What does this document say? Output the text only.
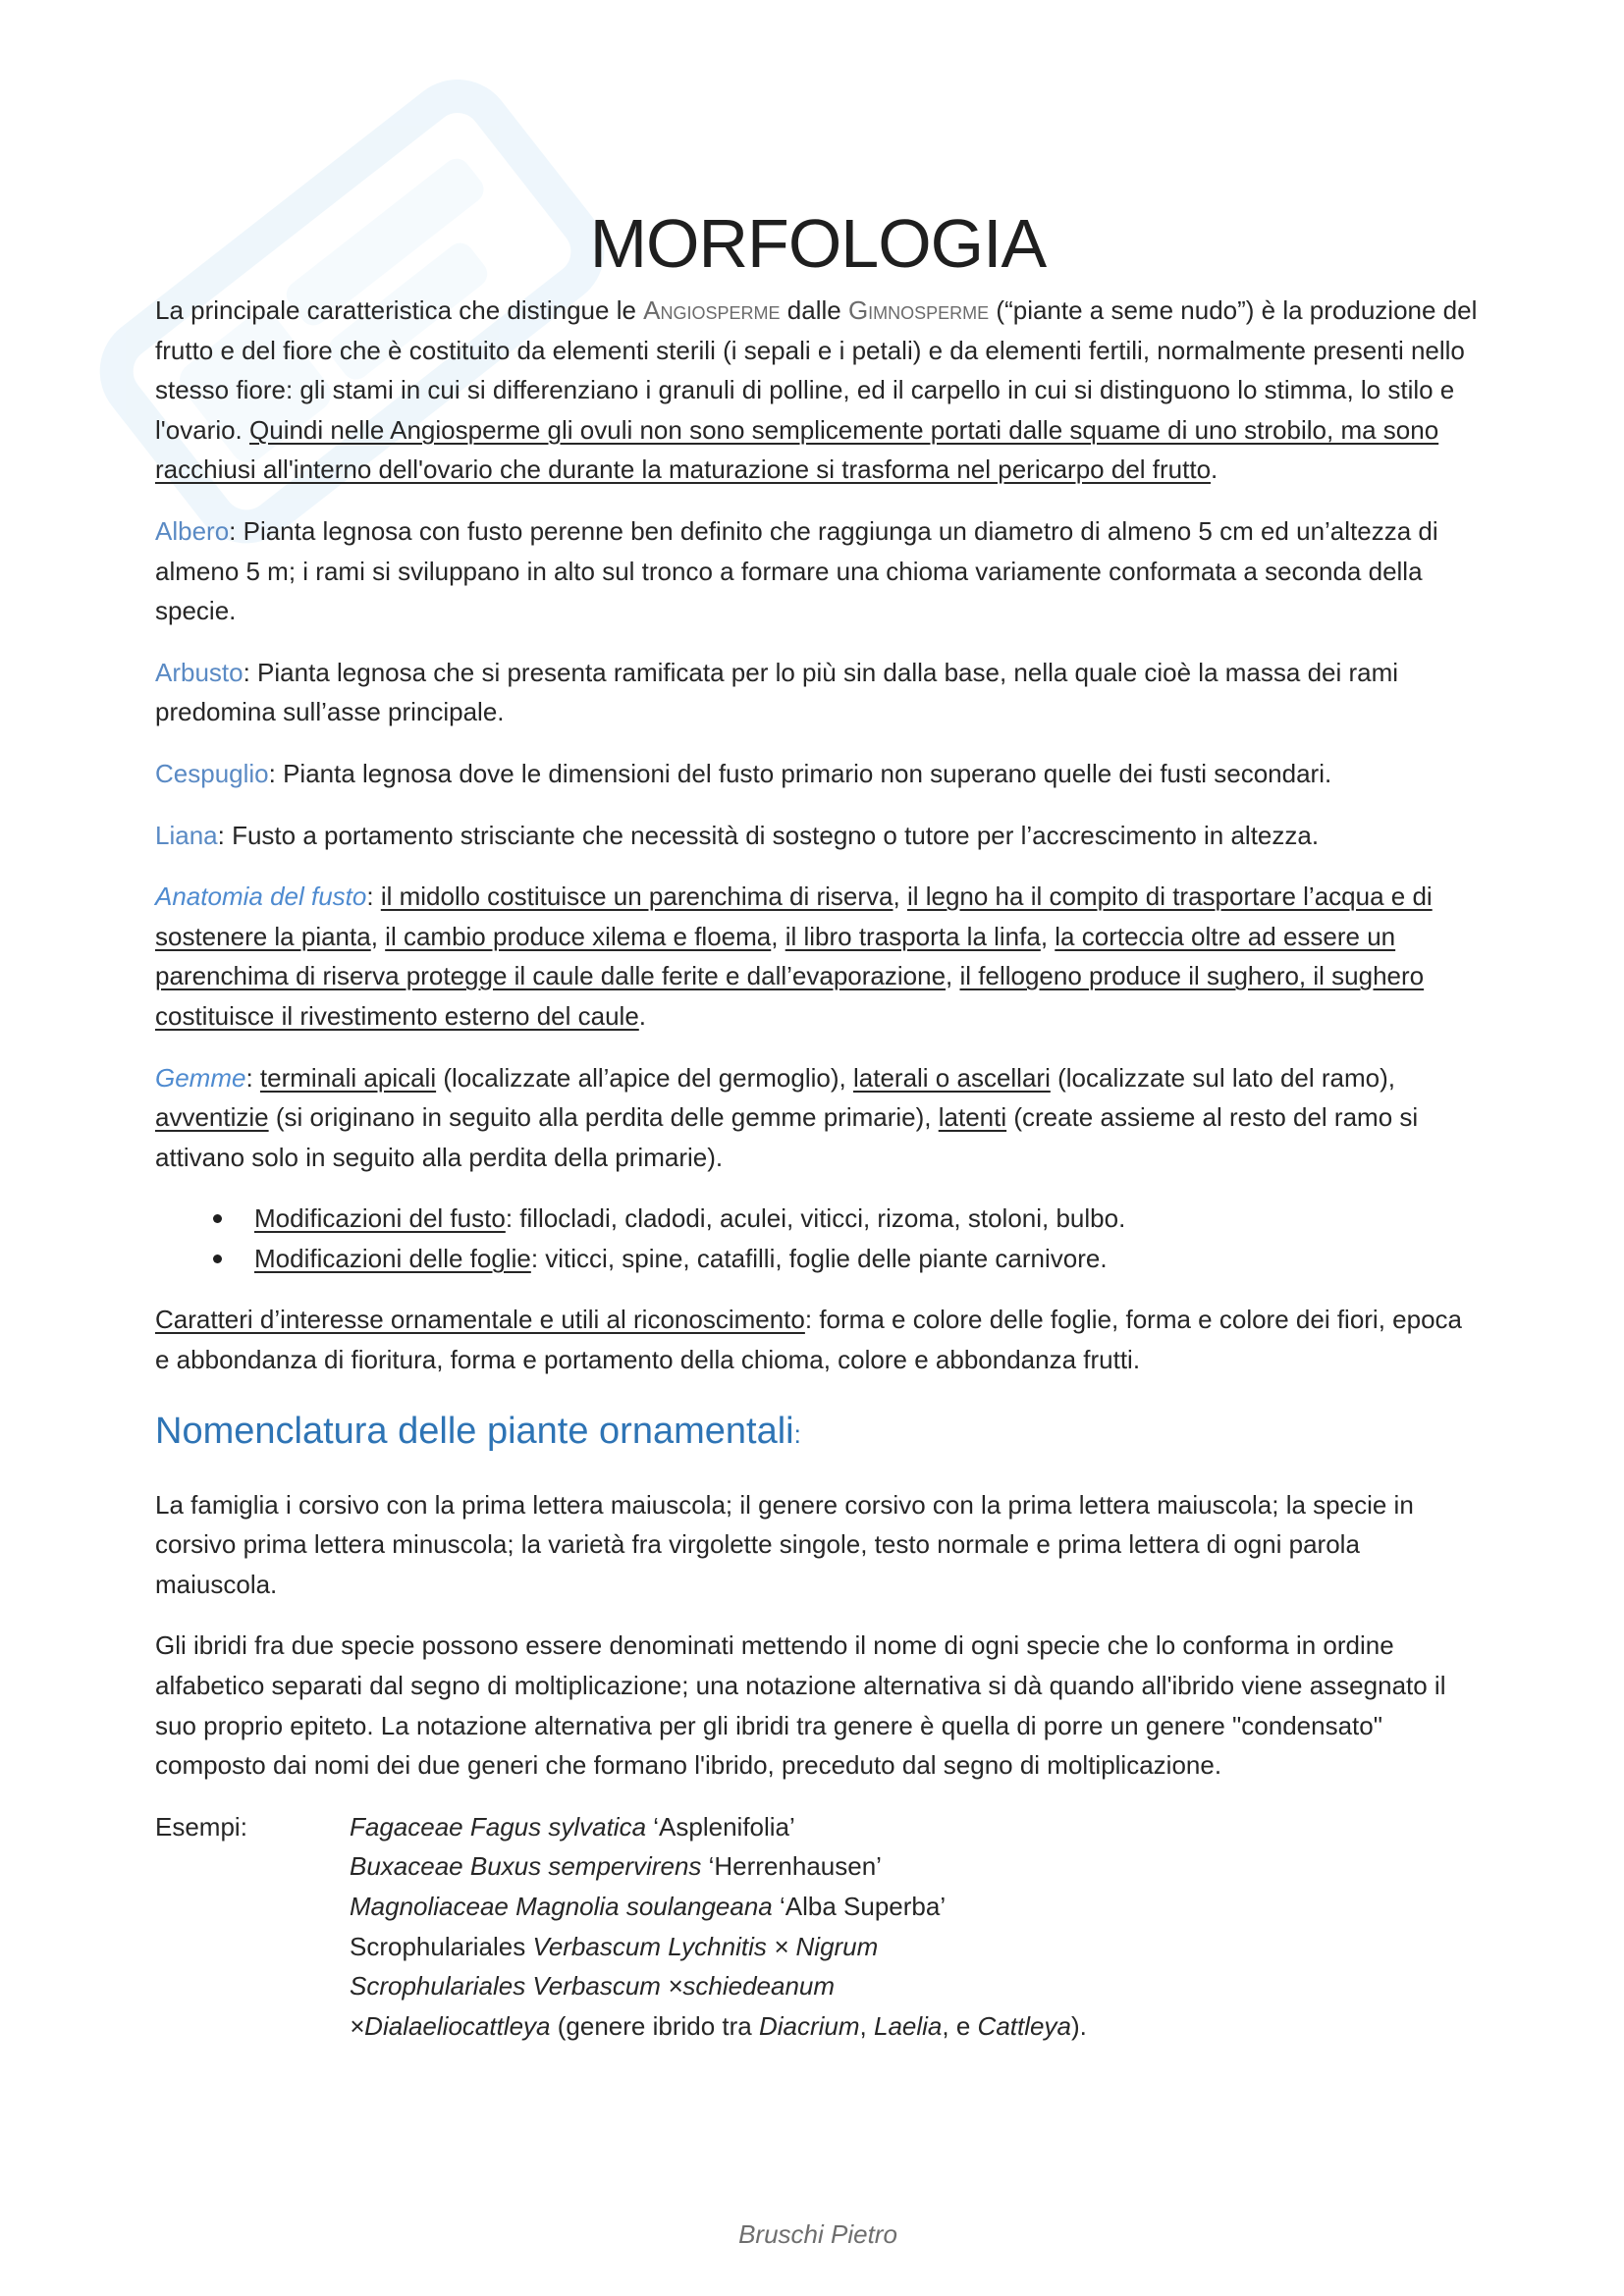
MORFOLOGIA

La principale caratteristica che distingue le Angiosperme dalle Gimnosperme (“piante a seme nudo”) è la produzione del frutto e del fiore che è costituito da elementi sterili (i sepali e i petali) e da elementi fertili, normalmente presenti nello stesso fiore: gli stami in cui si differenziano i granuli di polline, ed il carpello in cui si distinguono lo stimma, lo stilo e l'ovario. Quindi nelle Angiosperme gli ovuli non sono semplicemente portati dalle squame di uno strobilo, ma sono racchiusi all'interno dell'ovario che durante la maturazione si trasforma nel pericarpo del frutto.

Albero: Pianta legnosa con fusto perenne ben definito che raggiunga un diametro di almeno 5 cm ed un’altezza di almeno 5 m; i rami si sviluppano in alto sul tronco a formare una chioma variamente conformata a seconda della specie.

Arbusto: Pianta legnosa che si presenta ramificata per lo più sin dalla base, nella quale cioè la massa dei rami predomina sull’asse principale.

Cespuglio: Pianta legnosa dove le dimensioni del fusto primario non superano quelle dei fusti secondari.

Liana: Fusto a portamento strisciante che necessità di sostegno o tutore per l’accrescimento in altezza.

Anatomia del fusto: il midollo costituisce un parenchima di riserva, il legno ha il compito di trasportare l’acqua e di sostenere la pianta, il cambio produce xilema e floema, il libro trasporta la linfa, la corteccia oltre ad essere un parenchima di riserva protegge il caule dalle ferite e dall’evaporazione, il fellogeno produce il sughero, il sughero costituisce il rivestimento esterno del caule.

Gemme: terminali apicali (localizzate all’apice del germoglio), laterali o ascellari (localizzate sul lato del ramo), avventizie (si originano in seguito alla perdita delle gemme primarie), latenti (create assieme al resto del ramo si attivano solo in seguito alla perdita della primarie).

Modificazioni del fusto: fillocladi, cladodi, aculei, viticci, rizoma, stoloni, bulbo.
Modificazioni delle foglie: viticci, spine, catafilli, foglie delle piante carnivore.

Caratteri d’interesse ornamentale e utili al riconoscimento: forma e colore delle foglie, forma e colore dei fiori, epoca e abbondanza di fioritura, forma e portamento della chioma, colore e abbondanza frutti.

Nomenclatura delle piante ornamentali:

La famiglia i corsivo con la prima lettera maiuscola; il genere corsivo con la prima lettera maiuscola; la specie in corsivo prima lettera minuscola; la varietà fra virgolette singole, testo normale e prima lettera di ogni parola maiuscola.

Gli ibridi fra due specie possono essere denominati mettendo il nome di ogni specie che lo conforma in ordine alfabetico separati dal segno di moltiplicazione; una notazione alternativa si dà quando all'ibrido viene assegnato il suo proprio epiteto. La notazione alternativa per gli ibridi tra genere è quella di porre un genere "condensato" composto dai nomi dei due generi che formano l'ibrido, preceduto dal segno di moltiplicazione.

Esempi:	Fagaceae Fagus sylvatica ‘Asplenifolia’
Buxaceae Buxus sempervirens ‘Herrenhausen’
Magnoliaceae Magnolia soulangeana ‘Alba Superba’
Scrophulariales Verbascum Lychnitis × Nigrum
Scrophulariales Verbascum ×schiedeanum
×Dialaeliocattleya (genere ibrido tra Diacrium, Laelia, e Cattleya).
Bruschi Pietro
